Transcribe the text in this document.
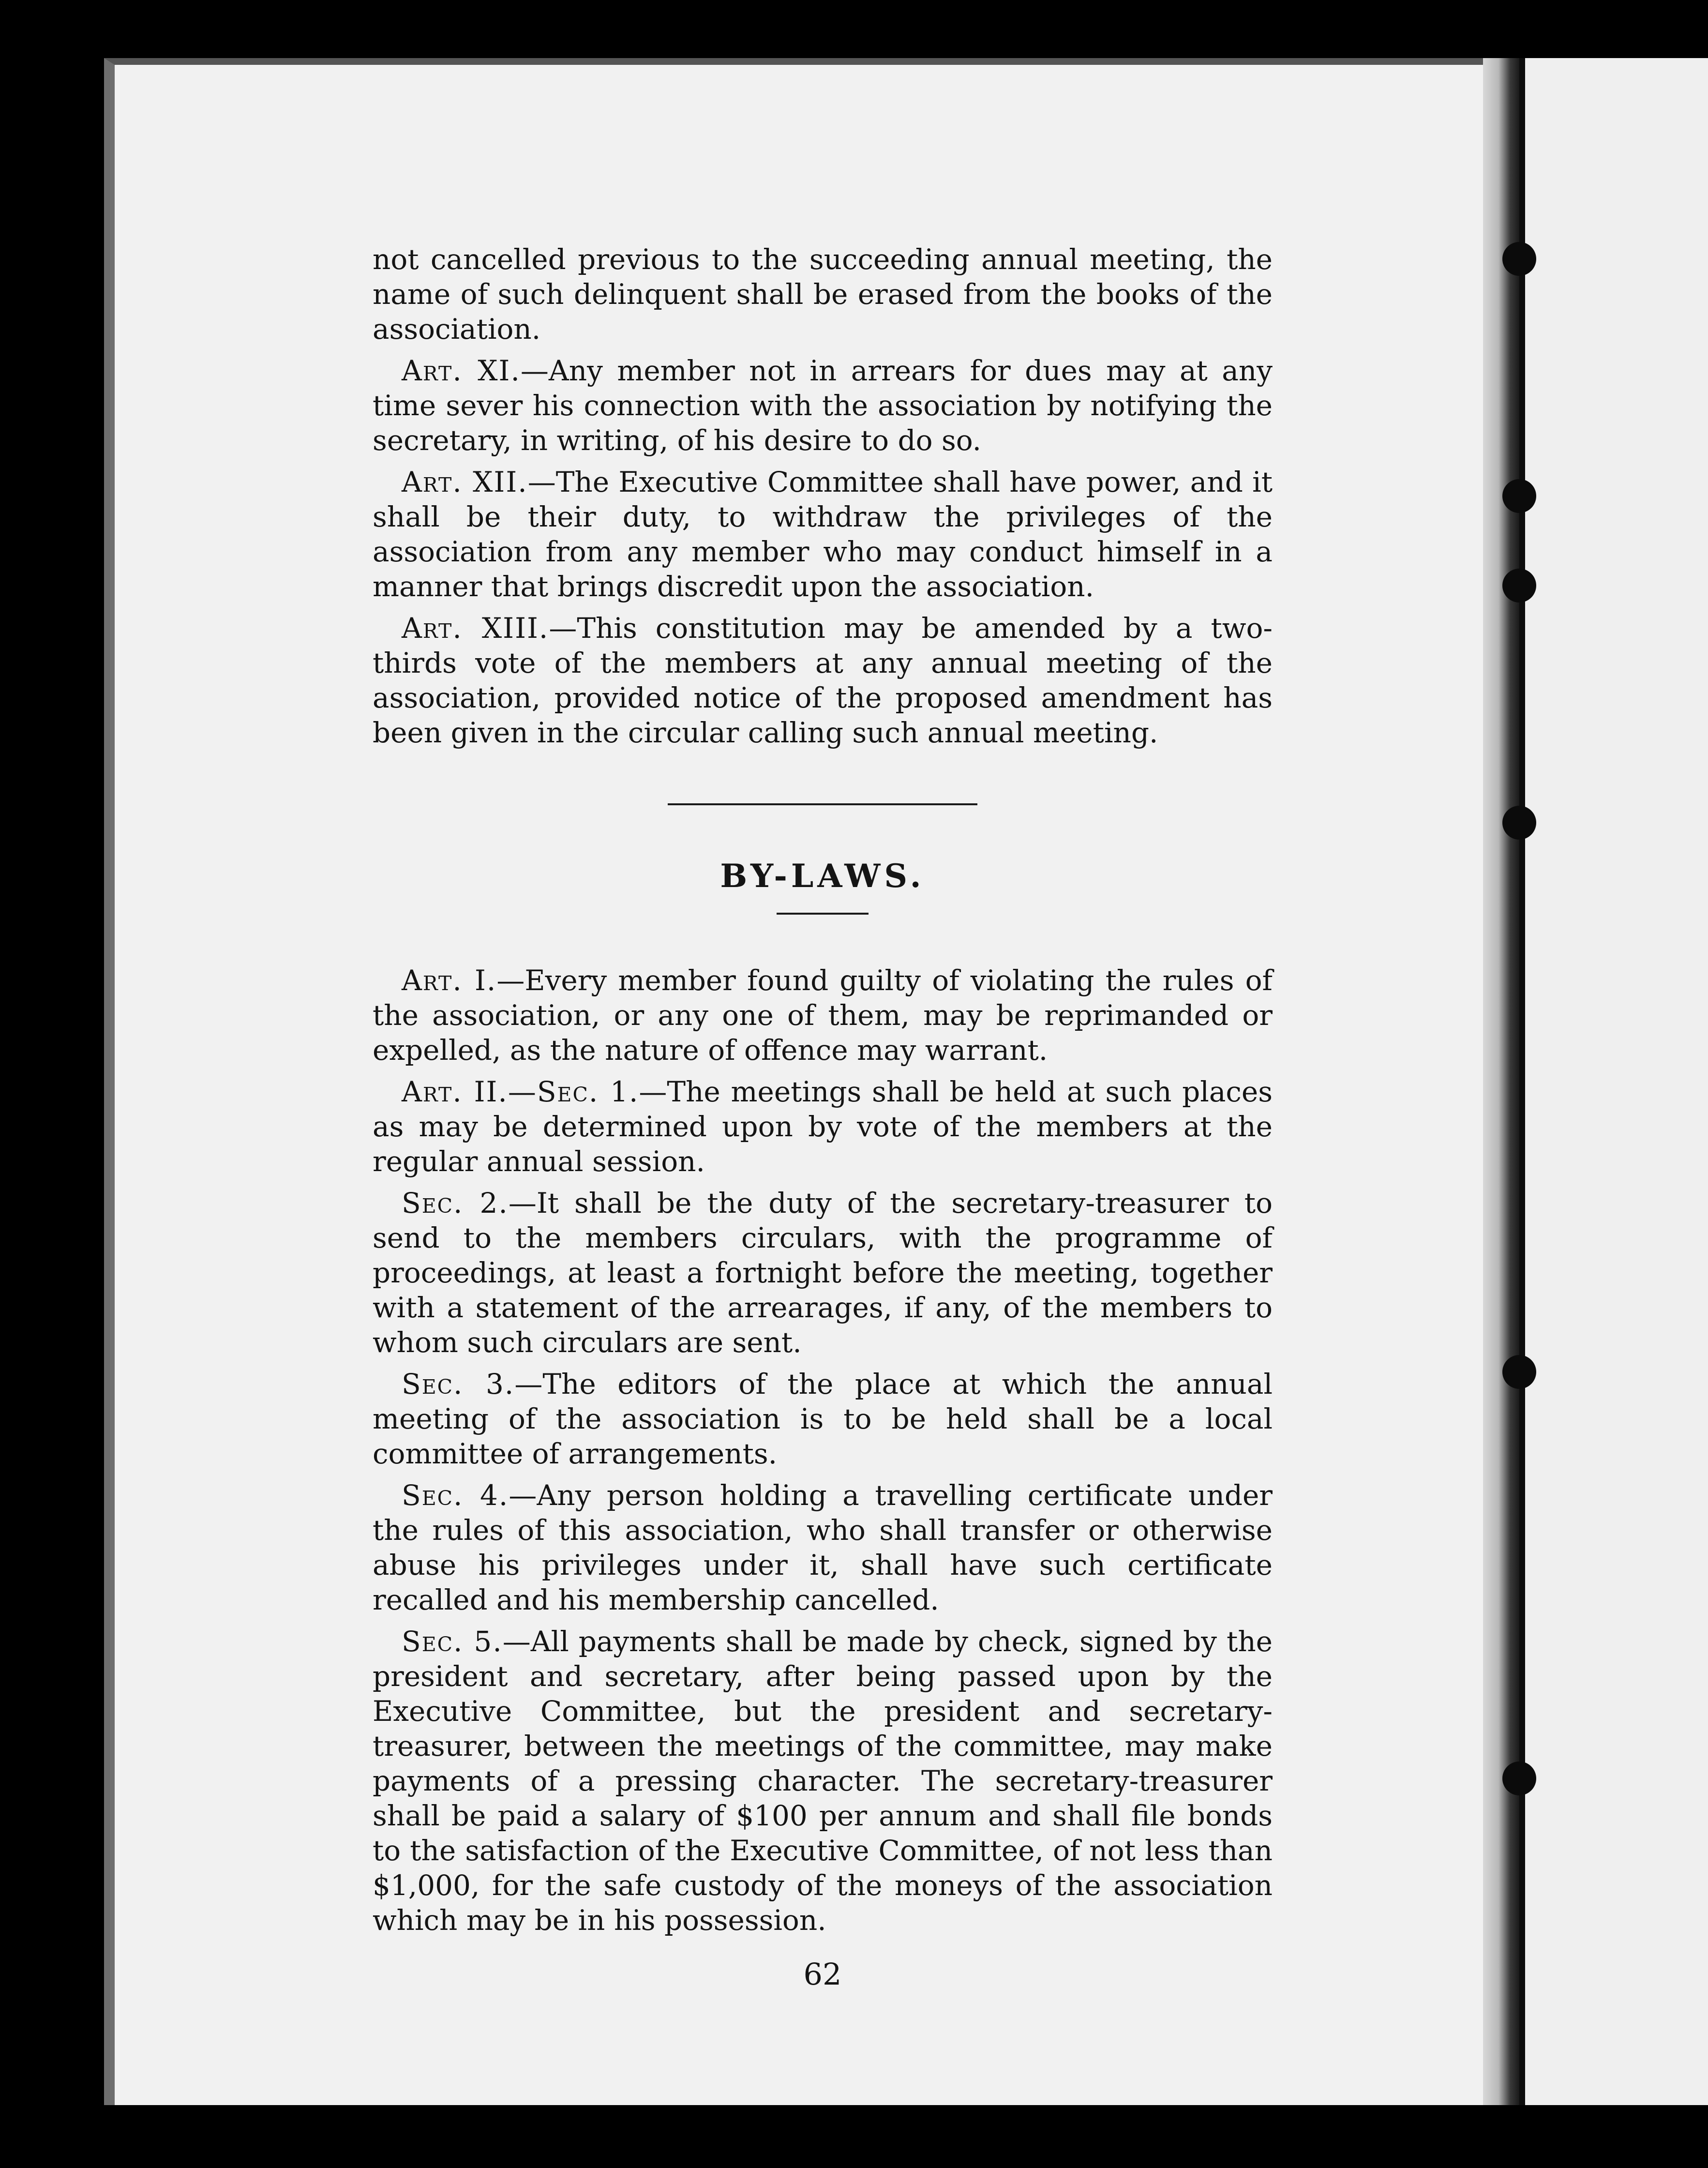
not cancelled previous to the succeeding annual meeting, the name of such delinquent shall be erased from the books of the association.

Art. XI.—Any member not in arrears for dues may at any time sever his connection with the association by notifying the secretary, in writing, of his desire to do so.

Art. XII.—The Executive Committee shall have power, and it shall be their duty, to withdraw the privileges of the association from any member who may conduct himself in a manner that brings discredit upon the association.

Art. XIII.—This constitution may be amended by a two-thirds vote of the members at any annual meeting of the association, provided notice of the proposed amendment has been given in the circular calling such annual meeting.

BY-LAWS.

Art. I.—Every member found guilty of violating the rules of the association, or any one of them, may be reprimanded or expelled, as the nature of offence may warrant.

Art. II.—Sec. 1.—The meetings shall be held at such places as may be determined upon by vote of the members at the regular annual session.

Sec. 2.—It shall be the duty of the secretary-treasurer to send to the members circulars, with the programme of proceedings, at least a fortnight before the meeting, together with a statement of the arrearages, if any, of the members to whom such circulars are sent.

Sec. 3.—The editors of the place at which the annual meeting of the association is to be held shall be a local committee of arrangements.

Sec. 4.—Any person holding a travelling certificate under the rules of this association, who shall transfer or otherwise abuse his privileges under it, shall have such certificate recalled and his membership cancelled.

Sec. 5.—All payments shall be made by check, signed by the president and secretary, after being passed upon by the Executive Committee, but the president and secretary-treasurer, between the meetings of the committee, may make payments of a pressing character. The secretary-treasurer shall be paid a salary of $100 per annum and shall file bonds to the satisfaction of the Executive Committee, of not less than $1,000, for the safe custody of the moneys of the association which may be in his possession.

62
